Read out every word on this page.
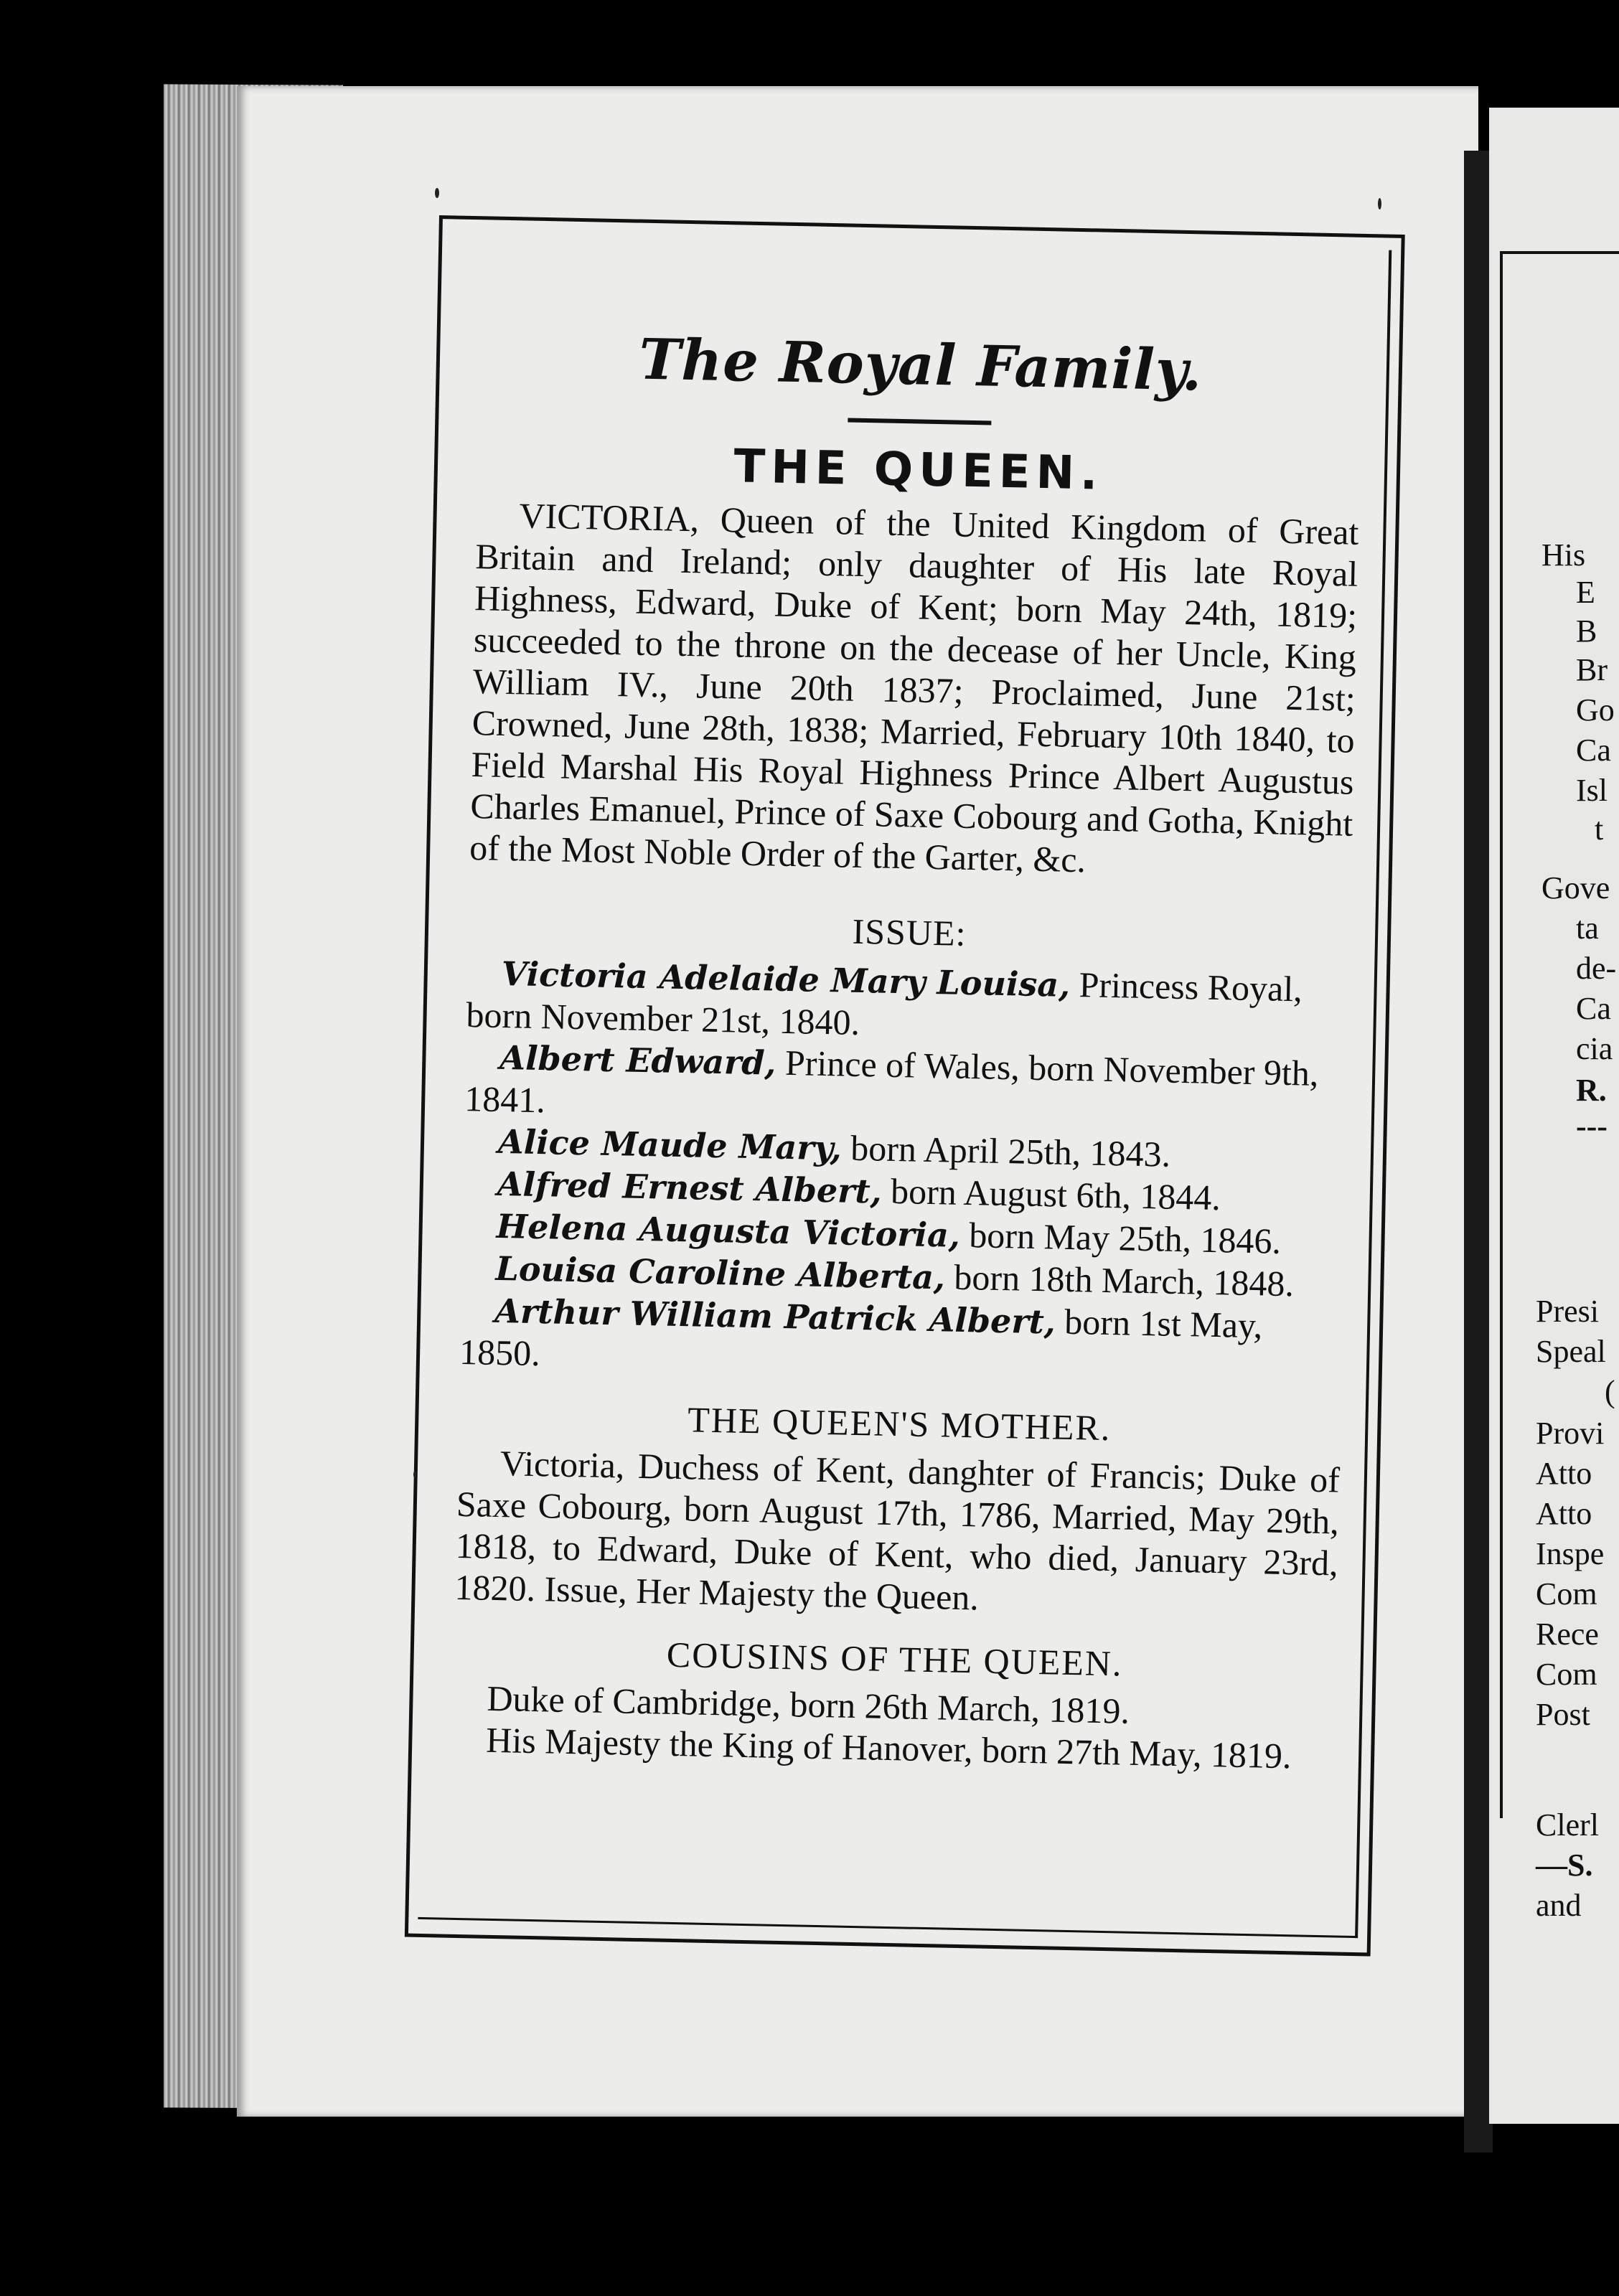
His
E
B
Br
Go
Ca
Isl
t
Gove
ta
de-
Ca
cia
R.
---
Presi
Speal
(
Provi
Atto
Atto
Inspe
Com
Rece
Com
Post
Clerl
—S.
and
The Royal Family.
THE QUEEN.

VICTORIA, Queen of the United Kingdom of Great Britain and Ireland; only daughter of His late Royal Highness, Edward, Duke of Kent; born May 24th, 1819; succeeded to the throne on the decease of her Uncle, King William IV., June 20th 1837; Proclaimed, June 21st; Crowned, June 28th, 1838; Married, February 10th 1840, to Field Marshal His Royal Highness Prince Albert Augustus Charles Emanuel, Prince of Saxe Cobourg and Gotha, Knight of the Most Noble Order of the Garter, &c.

ISSUE:

Victoria Adelaide Mary Louisa, Princess Royal, born November 21st, 1840.

Albert Edward, Prince of Wales, born November 9th, 1841.

Alice Maude Mary, born April 25th, 1843.

Alfred Ernest Albert, born August 6th, 1844.

Helena Augusta Victoria, born May 25th, 1846.

Louisa Caroline Alberta, born 18th March, 1848.

Arthur William Patrick Albert, born 1st May, 1850.

THE QUEEN'S MOTHER.

Victoria, Duchess of Kent, danghter of Francis; Duke of Saxe Cobourg, born August 17th, 1786, Married, May 29th, 1818, to Edward, Duke of Kent, who died, January 23rd, 1820. Issue, Her Majesty the Queen.

COUSINS OF THE QUEEN.

Duke of Cambridge, born 26th March, 1819.

His Majesty the King of Hanover, born 27th May, 1819.
